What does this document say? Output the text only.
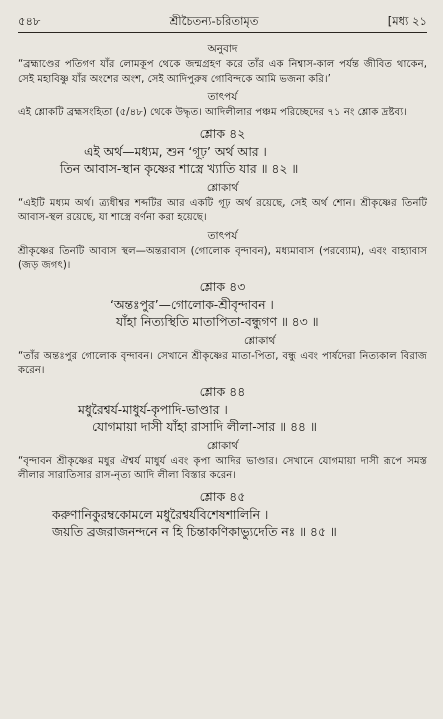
৫৪৮	শ্রীচৈতন্য-চরিতামৃত	[মধ্য ২১
অনুবাদ

“ব্রহ্মাণ্ডের পতিগণ যাঁর লোমকূপ থেকে জন্মগ্রহণ করে তাঁর এক নিশ্বাস-কাল পর্যন্ত জীবিত থাকেন, সেই মহাবিষ্ণু যাঁর অংশের অংশ, সেই আদিপুরুষ গোবিন্দকে আমি ভজনা করি।’

তাৎপর্য

এই শ্লোকটি ব্রহ্মসংহিতা (৫/৪৮) থেকে উদ্ধৃত। আদিলীলার পঞ্চম পরিচ্ছেদের ৭১ নং শ্লোক দ্রষ্টব্য।

শ্লোক ৪২

এই অর্থ—মধ্যম, শুন ‘গূঢ়’ অর্থ আর ।

তিন আবাস-স্থান কৃষ্ণের শাস্ত্রে খ্যাতি যার ॥ ৪২ ॥

শ্লোকার্থ

“এইটি মধ্যম অর্থ। ত্র্যধীশ্বর শব্দটির আর একটি গূঢ় অর্থ রয়েছে, সেই অর্থ শোন। শ্রীকৃষ্ণের তিনটি আবাস-স্থল রয়েছে, যা শাস্ত্রে বর্ণনা করা হয়েছে।

তাৎপর্য

শ্রীকৃষ্ণের তিনটি আবাস স্থল—অন্তরাবাস (গোলোক বৃন্দাবন), মধ্যমাবাস (পরব্যোম), এবং বাহ্যাবাস (জড় জগৎ)।

শ্লোক ৪৩

‘অন্তঃপুর’—গোলোক-শ্রীবৃন্দাবন ।

যাঁহা নিত্যস্থিতি মাতাপিতা-বন্ধুগণ ॥ ৪৩ ॥

শ্লোকার্থ

“তাঁর অন্তঃপুর গোলোক বৃন্দাবন। সেখানে শ্রীকৃষ্ণের মাতা-পিতা, বন্ধু এবং পার্ষদেরা নিত্যকাল বিরাজ করেন।

শ্লোক ৪৪

মধুরৈশ্বর্য-মাধুর্য-কৃপাদি-ভাণ্ডার ।

যোগমায়া দাসী যাঁহা রাসাদি লীলা-সার ॥ ৪৪ ॥

শ্লোকার্থ

“বৃন্দাবন শ্রীকৃষ্ণের মধুর ঐশ্বর্য মাধুর্য এবং কৃপা আদির ভাণ্ডার। সেখানে যোগমায়া দাসী রূপে সমস্ত লীলার সারাতিসার রাস-নৃত্য আদি লীলা বিস্তার করেন।

শ্লোক ৪৫

করুণানিকুরম্বকোমলে মধুরৈশ্বর্যবিশেষশালিনি ।

জয়তি ব্রজরাজনন্দনে ন হি চিন্তাকণিকাভ্যুদেতি নঃ ॥ ৪৫ ॥
